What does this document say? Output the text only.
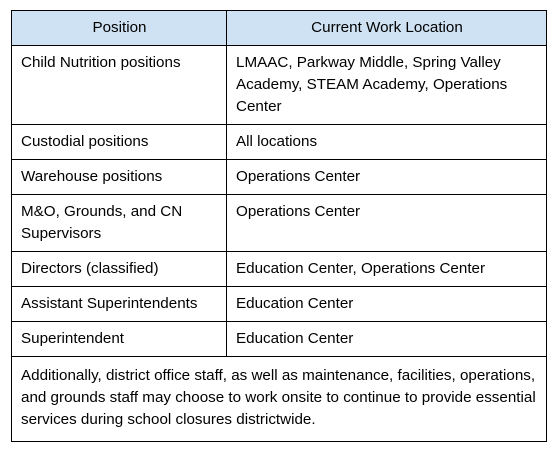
Position	Current Work Location
Child Nutrition positions	LMAAC, Parkway Middle, Spring Valley Academy, STEAM Academy, Operations Center
Custodial positions	All locations
Warehouse positions	Operations Center
M&O, Grounds, and CN Supervisors	Operations Center
Directors (classified)	Education Center, Operations Center
Assistant Superintendents	Education Center
Superintendent	Education Center
Additionally, district office staff, as well as maintenance, facilities, operations, and grounds staff may choose to work onsite to continue to provide essential services during school closures districtwide.	
